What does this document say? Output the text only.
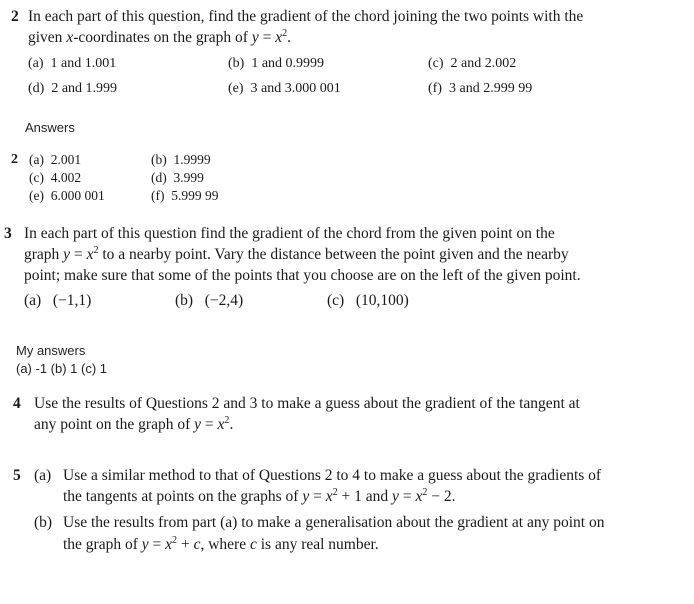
2 In each part of this question, find the gradient of the chord joining the two points with the
given x-coordinates on the graph of $y = x^2$.
(a) 1 and 1.001	(b) 1 and 0.9999	(c) 2 and 2.002
(d) 2 and 1.999	(e) 3 and 3.000 001	(f) 3 and 2.999 99
Answers
2 (a) 2.001	(b) 1.9999
(c) 4.002	(d) 3.999
(e) 6.000 001	(f) 5.999 99
3 In each part of this question find the gradient of the chord from the given point on the
graph $y = x^2$ to a nearby point. Vary the distance between the point given and the nearby
point; make sure that some of the points that you choose are on the left of the given point.
(a) (−1,1)	(b) (−2,4)	(c) (10,100)
My answers
(a) -1 (b) 1 (c) 1
4 Use the results of Questions 2 and 3 to make a guess about the gradient of the tangent at
any point on the graph of $y = x^2$.
5 (a) Use a similar method to that of Questions 2 to 4 to make a guess about the gradients of
the tangents at points on the graphs of $y = x^2 + 1$ and $y = x^2 - 2$.
(b) Use the results from part (a) to make a generalisation about the gradient at any point on
the graph of $y = x^2 + c$, where c is any real number.
